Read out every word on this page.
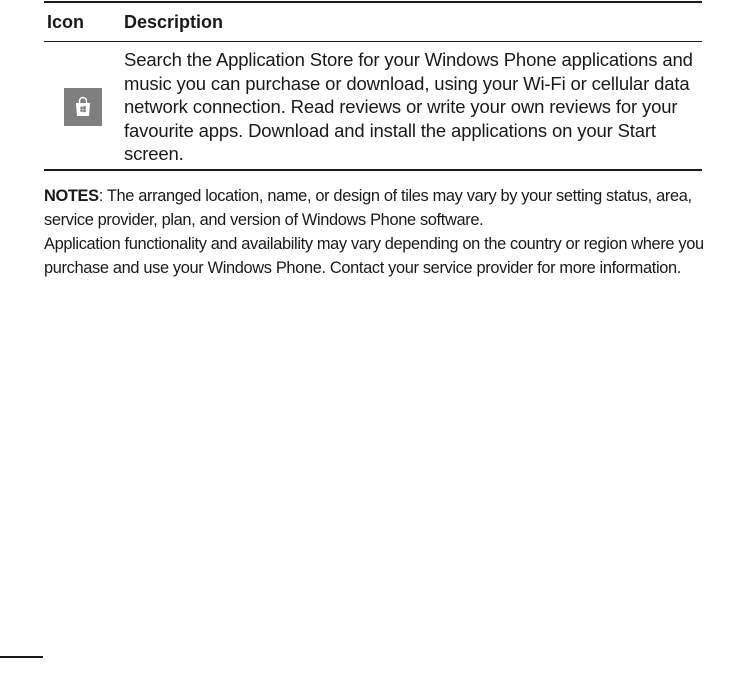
Icon	Description
Search the Application Store for your Windows Phone applications and music you can purchase or download, using your Wi-Fi or cellular data network connection. Read reviews or write your own reviews for your favourite apps. Download and install the applications on your Start screen.

NOTES: The arranged location, name, or design of tiles may vary by your setting status, area, service provider, plan, and version of Windows Phone software.

Application functionality and availability may vary depending on the country or region where you purchase and use your Windows Phone. Contact your service provider for more information.
